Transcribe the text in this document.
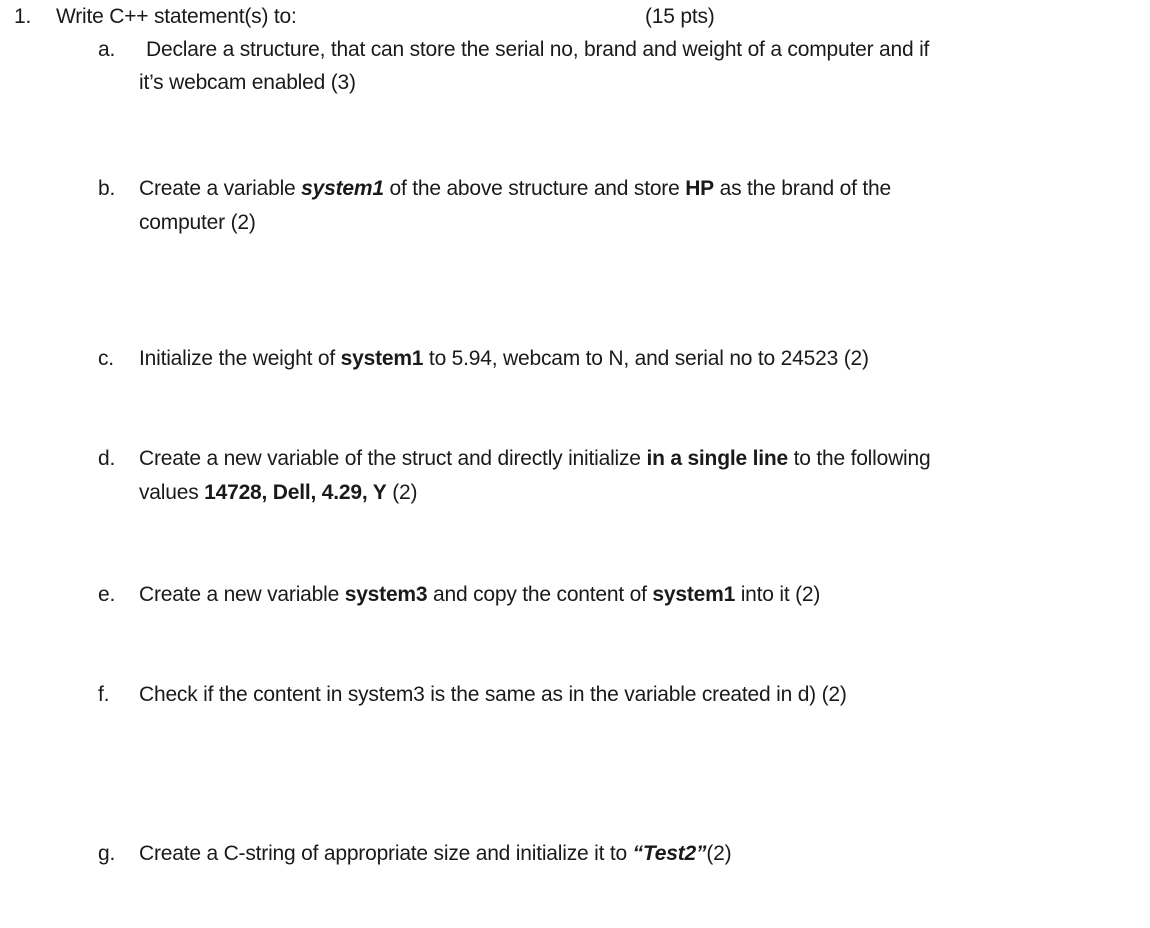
1. Write C++ statement(s) to:	(15 pts)
a. Declare a structure, that can store the serial no, brand and weight of a computer and if
it’s webcam enabled (3)
b. Create a variable system1 of the above structure and store HP as the brand of the
computer (2)
c. Initialize the weight of system1 to 5.94, webcam to N, and serial no to 24523 (2)
d. Create a new variable of the struct and directly initialize in a single line to the following
values 14728, Dell, 4.29, Y (2)
e. Create a new variable system3 and copy the content of system1 into it (2)
f. Check if the content in system3 is the same as in the variable created in d) (2)
g. Create a C-string of appropriate size and initialize it to “Test2”(2)
